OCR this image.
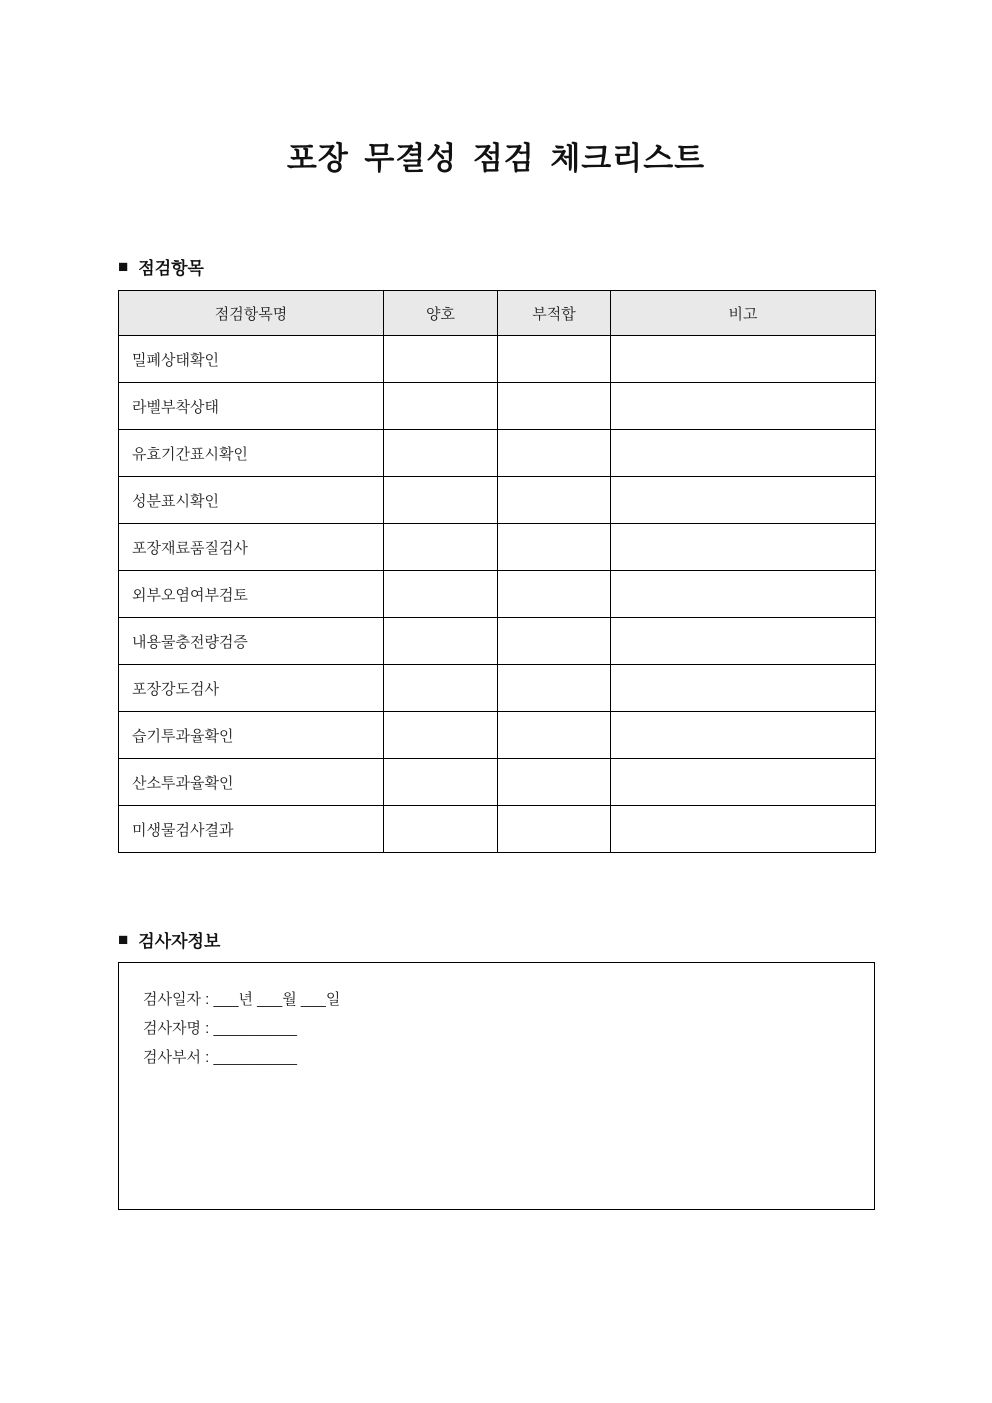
포장 무결성 점검 체크리스트
■ 점검항목
점검항목명	양호	부적합	비고
밀폐상태확인			
라벨부착상태			
유효기간표시확인			
성분표시확인			
포장재료품질검사			
외부오염여부검토			
내용물충전량검증			
포장강도검사			
습기투과율확인			
산소투과율확인			
미생물검사결과			
■ 검사자정보
검사일자 : ___년 ___월 ___일
검사자명 : __________
검사부서 : __________
